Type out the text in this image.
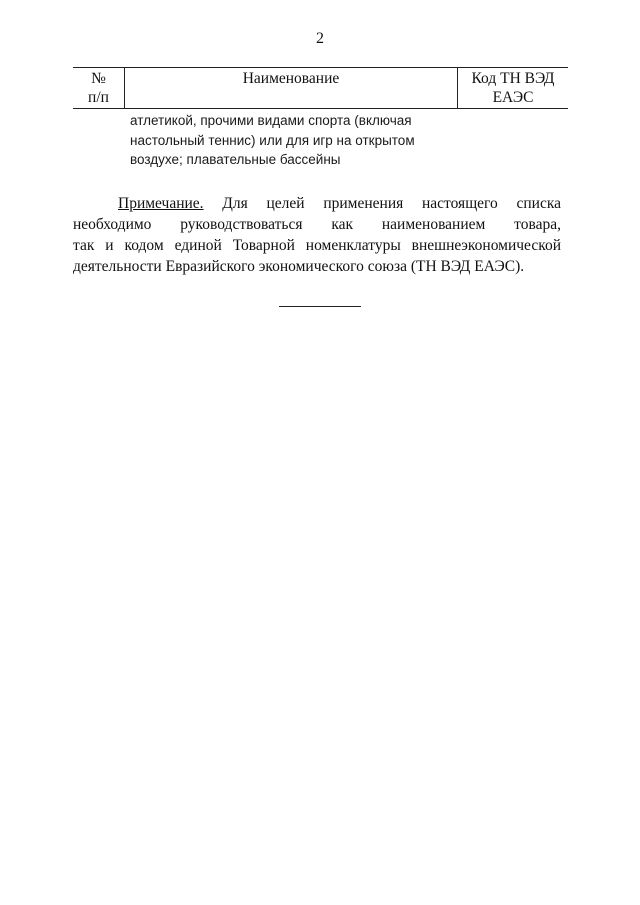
2
№
п/п
Наименование	Код ТН ВЭД
ЕАЭС
атлетикой, прочими видами спорта (включая
настольный теннис) или для игр на открытом
воздухе; плавательные бассейны
Примечание. Для целей применения настоящего списка
необходимо руководствоваться как наименованием товара,
так и кодом единой Товарной номенклатуры внешнеэкономической
деятельности Евразийского экономического союза (ТН ВЭД ЕАЭС).
